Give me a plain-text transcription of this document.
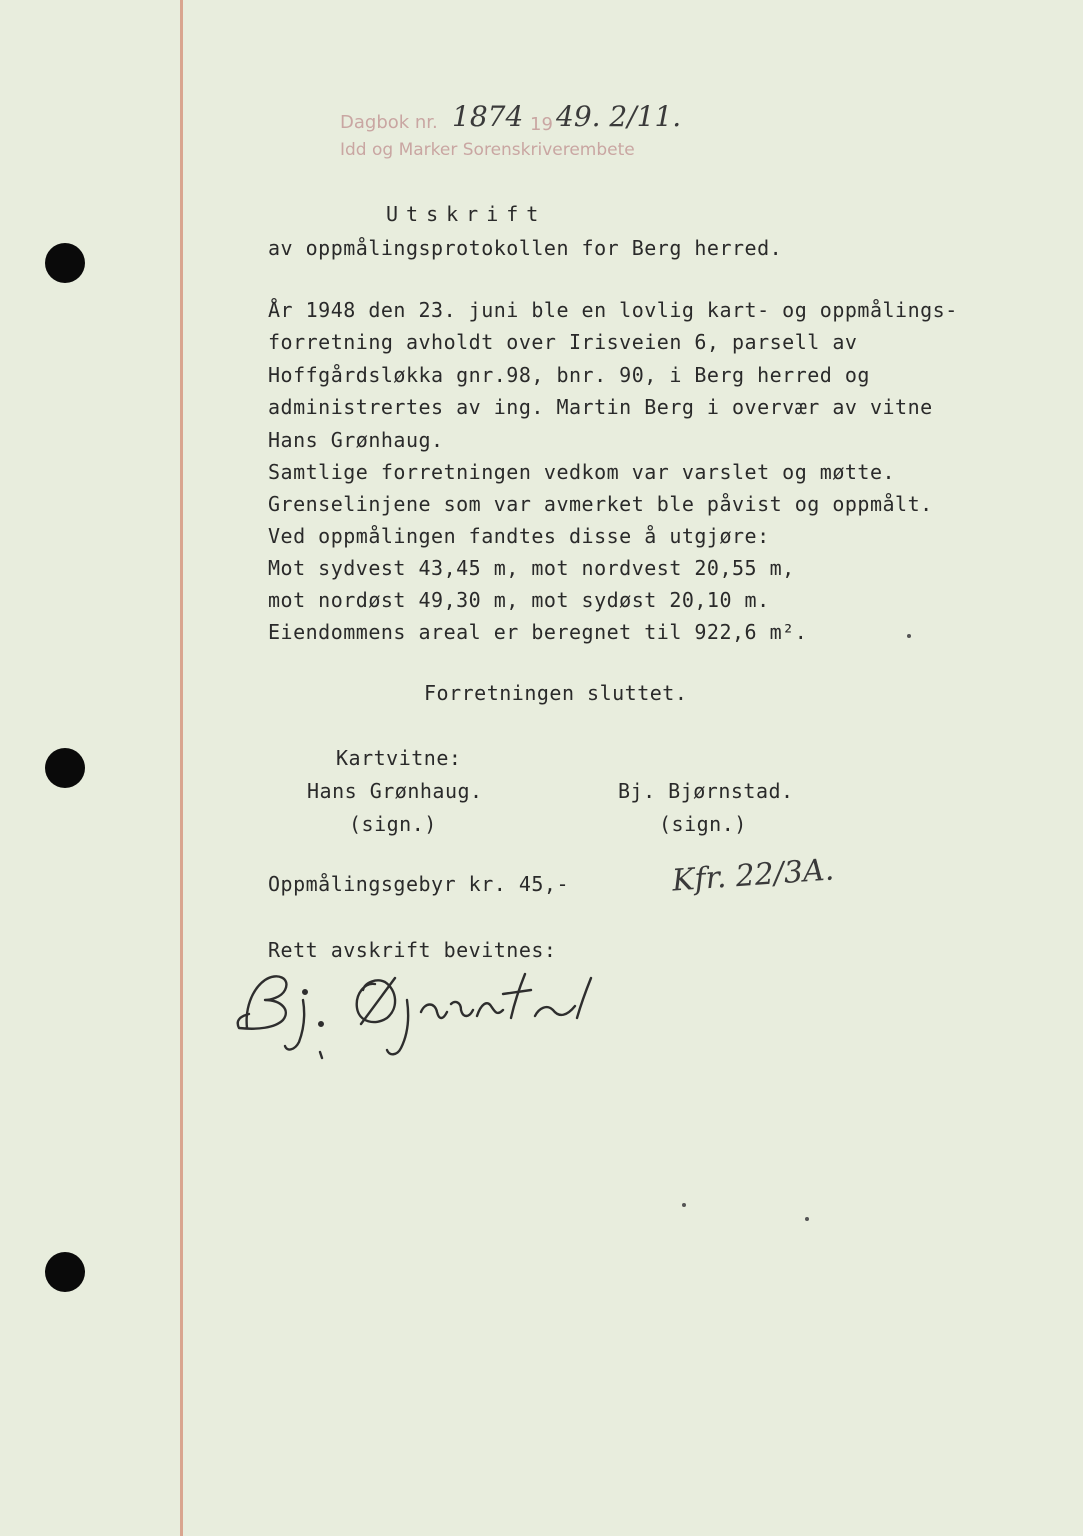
Dagbok nr. 1874 19 49. 2/11.
Idd og Marker Sorenskriverembete
Utskrift
av oppmålingsprotokollen for Berg herred.
År 1948 den 23. juni ble en lovlig kart- og oppmålings-
forretning avholdt over Irisveien 6, parsell av
Hoffgårdsløkka gnr.98, bnr. 90, i Berg herred og
administrertes av ing. Martin Berg i overvær av vitne
Hans Grønhaug.
Samtlige forretningen vedkom var varslet og møtte.
Grenselinjene som var avmerket ble påvist og oppmålt.
Ved oppmålingen fandtes disse å utgjøre:
Mot sydvest 43,45 m, mot nordvest 20,55 m,
mot nordøst 49,30 m, mot sydøst 20,10 m.
Eiendommens areal er beregnet til 922,6 m².
Forretningen sluttet.
Kartvitne:
Hans Grønhaug.
(sign.)
Bj. Bjørnstad.
(sign.)
Oppmålingsgebyr kr. 45,-	Kfr. 22/3A.
Rett avskrift bevitnes:
